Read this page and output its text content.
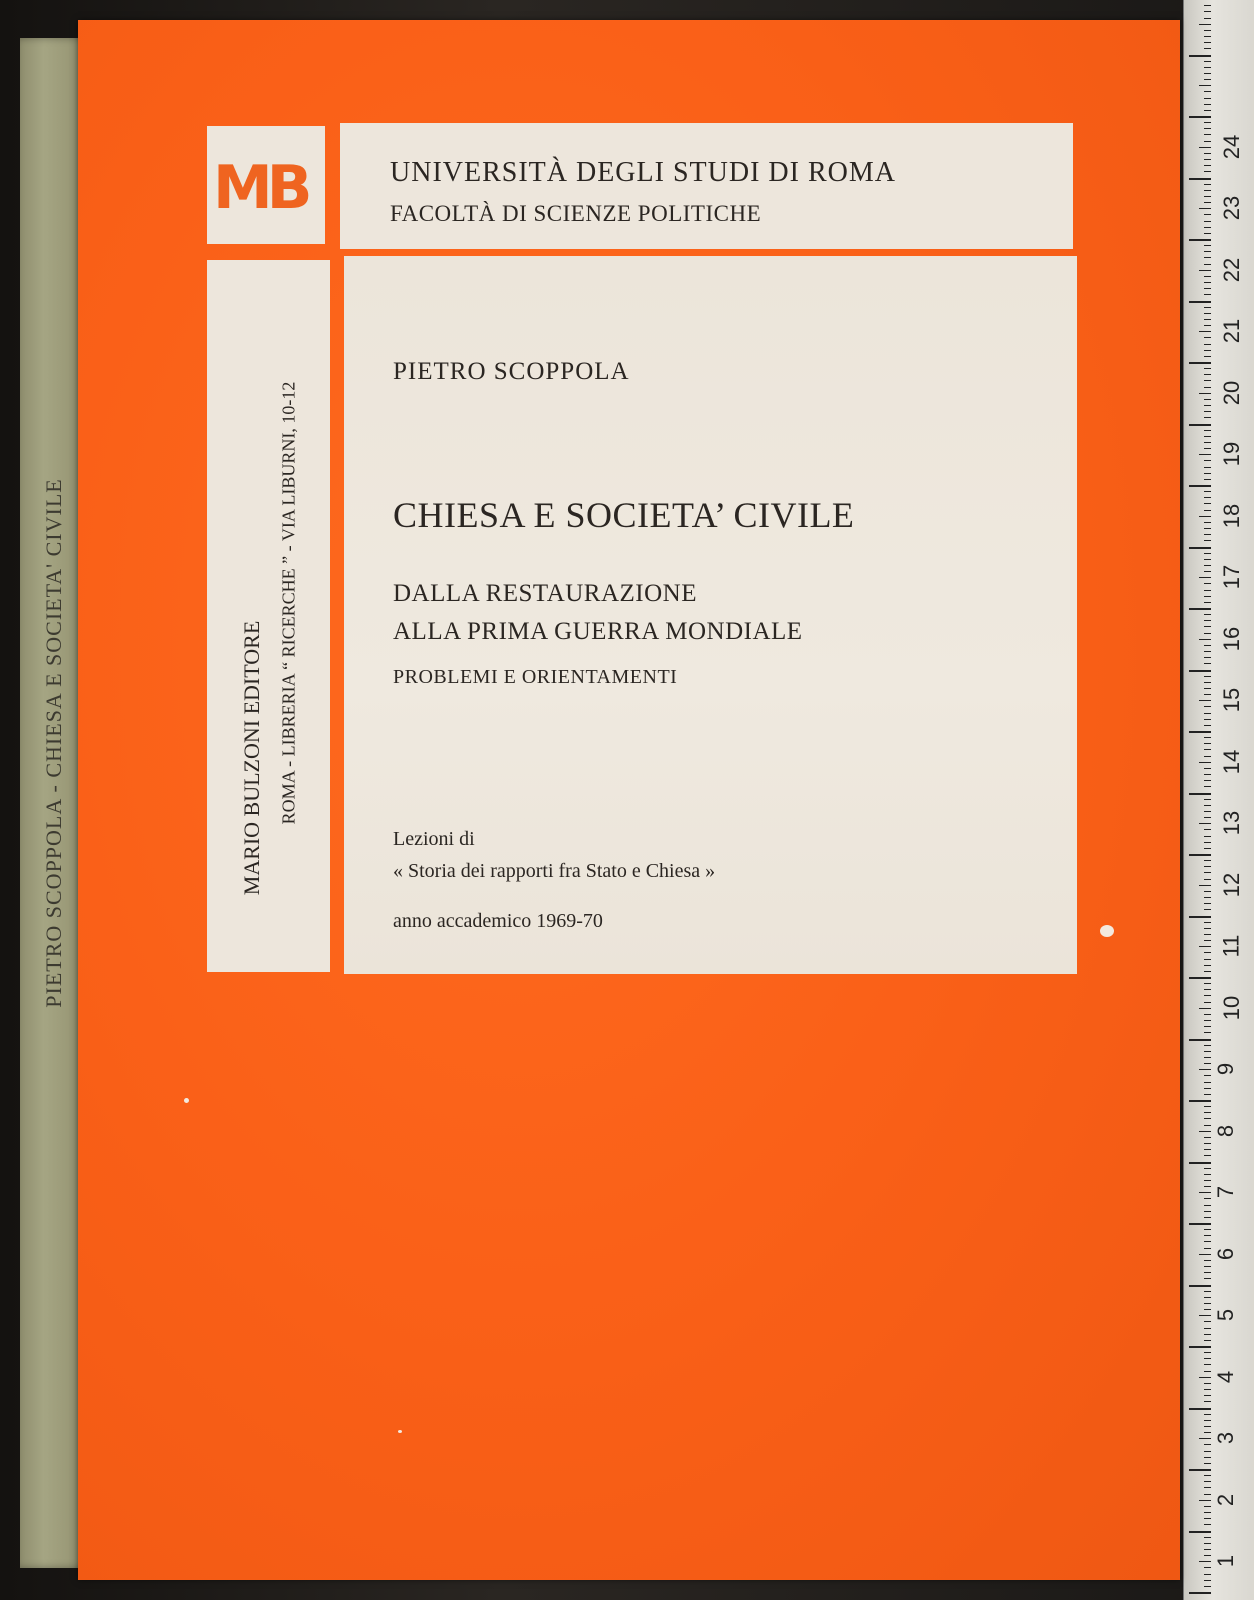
PIETRO SCOPPOLA - CHIESA E SOCIETA' CIVILE
1
2
3
4
5
6
7
8
9
10
11
12
13
14
15
16
17
18
19
20
21
22
23
24
MB	UNIVERSITÀ DEGLI STUDI DI ROMA
FACOLTÀ DI SCIENZE POLITICHE
MARIO BULZONI EDITORE ROMA - LIBRERIA “ RICERCHE ” - VIA LIBURNI, 10-12
PIETRO SCOPPOLA
CHIESA E SOCIETA’ CIVILE
DALLA RESTAURAZIONE
ALLA PRIMA GUERRA MONDIALE
PROBLEMI E ORIENTAMENTI
Lezioni di
« Storia dei rapporti fra Stato e Chiesa »
anno accademico 1969-70
